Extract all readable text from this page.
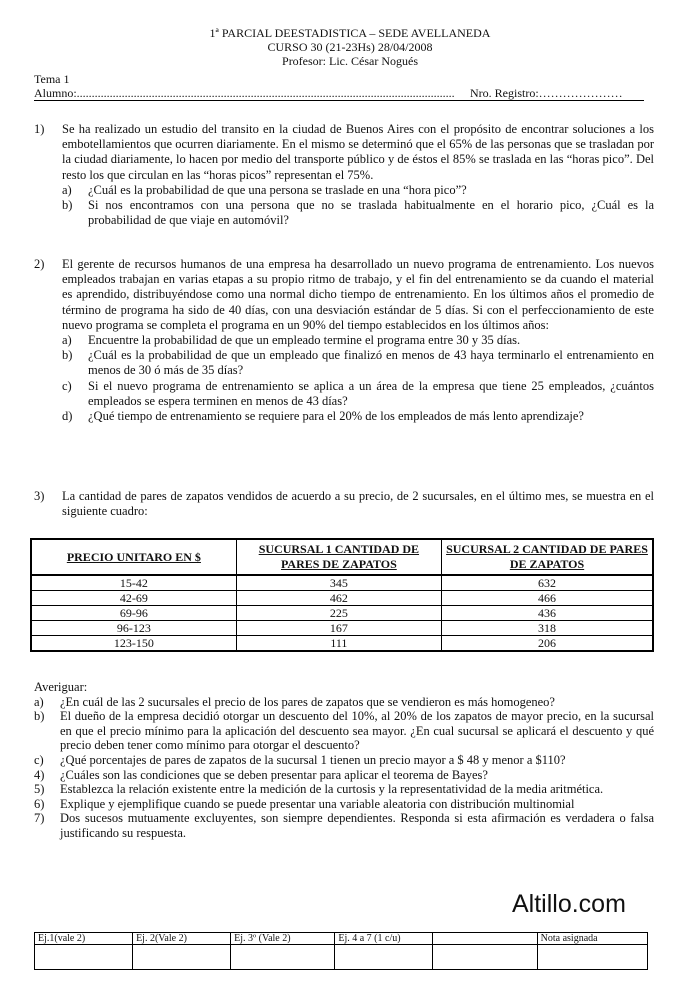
1ª PARCIAL DEESTADISTICA – SEDE AVELLANEDA
CURSO 30 (21-23Hs) 28/04/2008
Profesor: Lic. César Nogués
Tema 1
Alumno:.............................................................................................................................. Nro. Registro:…………………
1) Se ha realizado un estudio del transito en la ciudad de Buenos Aires con el propósito de encontrar soluciones a los embotellamientos que ocurren diariamente. En el mismo se determinó que el 65% de las personas que se trasladan por la ciudad diariamente, lo hacen por medio del transporte público y de éstos el 85% se traslada en las “horas pico”. Del resto los que circulan en las “horas picos” representan el 75%.
a) ¿Cuál es la probabilidad de que una persona se traslade en una “hora pico”?
b) Si nos encontramos con una persona que no se traslada habitualmente en el horario pico, ¿Cuál es la probabilidad de que viaje en automóvil?
2) El gerente de recursos humanos de una empresa ha desarrollado un nuevo programa de entrenamiento. Los nuevos empleados trabajan en varias etapas a su propio ritmo de trabajo, y el fin del entrenamiento se da cuando el material es aprendido, distribuyéndose como una normal dicho tiempo de entrenamiento. En los últimos años el promedio de término de programa ha sido de 40 días, con una desviación estándar de 5 días. Si con el perfeccionamiento de este nuevo programa se completa el programa en un 90% del tiempo establecidos en los últimos años:
a) Encuentre la probabilidad de que un empleado termine el programa entre 30 y 35 días.
b) ¿Cuál es la probabilidad de que un empleado que finalizó en menos de 43 haya terminarlo el entrenamiento en menos de 30 ó más de 35 días?
c) Si el nuevo programa de entrenamiento se aplica a un área de la empresa que tiene 25 empleados, ¿cuántos empleados se espera terminen en menos de 43 días?
d) ¿Qué tiempo de entrenamiento se requiere para el 20% de los empleados de más lento aprendizaje?
3) La cantidad de pares de zapatos vendidos de acuerdo a su precio, de 2 sucursales, en el último mes, se muestra en el siguiente cuadro:
PRECIO UNITARO EN $	SUCURSAL 1 CANTIDAD DE PARES DE ZAPATOS	SUCURSAL 2 CANTIDAD DE PARES DE ZAPATOS
15-42	345	632
42-69	462	466
69-96	225	436
96-123	167	318
123-150	111	206
Averiguar:
a) ¿En cuál de las 2 sucursales el precio de los pares de zapatos que se vendieron es más homogeneo?
b) El dueño de la empresa decidió otorgar un descuento del 10%, al 20% de los zapatos de mayor precio, en la sucursal en que el precio mínimo para la aplicación del descuento sea mayor. ¿En cual sucursal se aplicará el descuento y qué precio deben tener como mínimo para otorgar el descuento?
c) ¿Qué porcentajes de pares de zapatos de la sucursal 1 tienen un precio mayor a $ 48 y menor a $110?
4) ¿Cuáles son las condiciones que se deben presentar para aplicar el teorema de Bayes?
5) Establezca la relación existente entre la medición de la curtosis y la representatividad de la media aritmética.
6) Explique y ejemplifique cuando se puede presentar una variable aleatoria con distribución multinomial
7) Dos sucesos mutuamente excluyentes, son siempre dependientes. Responda si esta afirmación es verdadera o falsa justificando su respuesta.
Altillo.com
Ej.1(vale 2)	Ej. 2(Vale 2)	Ej. 3º (Vale 2)	Ej. 4 a 7 (1 c/u)		Nota asignada
